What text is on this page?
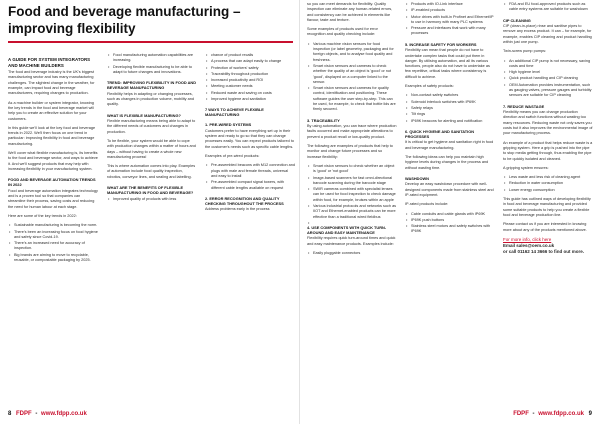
Food and beverage manufacturing – improving flexibility
A GUIDE FOR SYSTEM INTEGRATORS AND MACHINE BUILDERS

The food and beverage industry is the UK's biggest manufacturing sector and has many manufacturing challenges. The slightest change in the weather, for example, can impact food and beverage manufacturers, requiring changes to production.

As a machine builder or system integrator, knowing the key trends in the food and beverage market will help you to create an effective solution for your customers.

In this guide we'll look at the key food and beverage trends in 2022. We'll then focus on one trend in particular: improving flexibility in food and beverage manufacturing.

We'll cover what flexible manufacturing is, its benefits to the food and beverage sector, and ways to achieve it. And we'll suggest products that may help with increasing flexibility in your manufacturing system.

FOOD AND BEVERAGE AUTOMATION TRENDS IN 2022

Food and beverage automation integrates technology and is a proven tool so that companies can streamline their process, saving costs and reducing the need for human labour at each stage.

Here are some of the key trends in 2022:

• Sustainable manufacturing is becoming the norm.
• There's been an increasing focus on food hygiene and safety since Covid-19.
• There's an increased need for accuracy of inspection.
• Big brands are aiming to move to recyclable, reusable, or compostable packaging by 2025.
• Food manufacturing automation capabilities are increasing.
• Developing flexible manufacturing to be able to adapt to future changes and innovations.
TREND: IMPROVING FLEXIBILITY IN FOOD AND BEVERAGE MANUFACTURING

Flexibility helps in adapting or changing processes, such as changes in production volume, mobility and quality.

WHAT IS FLEXIBLE MANUFACTURING?

Flexible manufacturing means being able to adapt to the different needs of customers and changes in production.

To be flexible, your system would be able to cope with production changes within a matter of hours and days – without having to create a whole new manufacturing process!

This is where automation comes into play. Examples of automation include food quality inspection, robotics, conveyor lines, and sealing and labelling.

WHAT ARE THE BENEFITS OF FLEXIBLE MANUFACTURING IN FOOD AND BEVERAGE?
• Improved quality of products with less
• chance of product recalls
• A process that can adapt easily to change
• Protection of workers' safety
• Traceability throughout production
• Increased productivity and ROI
• Meeting customer needs
• Reduced waste and saving on costs
• Improved hygiene and sanitation
7 WAYS TO ACHIEVE FLEXIBLE MANUFACTURING
1. PRE-WIRED SYSTEMS

Customers prefer to have everything set up in their system and ready to go so that they can change processes easily. You can expect products tailored to the customer's needs such as specific cable lengths.

Examples of pre-wired products:

• Pre-assembled beacons with M12 connection and plugs with male and female threads, universal and easy to install
• Pre-assembled compact signal towers, with different cable lengths available on request
2. ERROR RECOGNITION AND QUALITY CHECKING THROUGHOUT THE PROCESS

Address problems early in the process

so you can meet demands for flexibility. Quality inspection can eliminate any human-related errors, and consistency can be achieved in elements like flavour, taste and texture.

Some examples of products used for error recognition and quality checking include:

• Various machine vision sensors for food inspection (or label geometry, packaging and for foreign objects, and to analyse food quality and freshness.
• Smart vision sensors and cameras to check whether the quality of an object is 'good' or not 'good', displayed on a computer linked to the sensor.
• Smart vision sensors and cameras for quality control, identification and positioning. These software guides the user step-by-step. This can be used, for example, to check that bottle lids are firmly secured.
3. TRACEABILITY

By using automation, you can trace where production faults occurred and make appropriate alterations to prevent a product recall or low-quality product.

The following are examples of products that help to monitor and change future processes and so increase flexibility:

• Smart vision sensors to check whether an object is 'good' or 'not good'
• Image-based scanners for fast omni-directional barcode scanning during the barcode stage
• SWIR cameras combined with specialist lenses can be used for food inspection to check damage within food, for example, bruises within an apple
• Various industrial protocols and networks such as IIOT and Ethernet-enabled products can be more effective than a traditional wired fieldbus
4. USE COMPONENTS WITH QUICK TURN-AROUND AND EASY MAINTENANCE

Flexibility requires quick turn-around times and quick and easy maintenance products. Examples include:

• Easily pluggable connectors
• Products with IO-Link interface
• IP-enabled products
• Motor drives with built-in Profinet and Ethernet/IP to use in harmony with many PLC systems
• Pressure and interfaces that work with many processes
5. INCREASE SAFETY FOR WORKERS

Flexibility can mean that people do not have to undertake complex tasks that could put them in danger. By utilising automation, and all its various functions, people also do not have to undertake as few repetitive, critical tasks where consistency is difficult to achieve.

Examples of safety products:

• Non-contact safety switches
• Solenoid interlock switches with IP69K
• Safety relays
• Tilt rings
• IP69K beacons for alerting and notification
6. QUICK HYGIENE AND SANITATION PROCESSES

It is critical to get hygiene and sanitation right in food and beverage manufacturing.

The following ideas can help you maintain high hygiene levels during changes in the process and without wasting time.

WASHDOWN

Develop an easy washdown procedure with well-designed components made from stainless steel and IP-rated equipment.

IP-rated products include:

• Cable conduits and cable glands with IP69K
• IP69K push buttons
• Stainless steel motors and safety switches with IP69K
• FDA and EU food-approved products such as cable entry systems are suitable for washdown
CIP CLEANING

CIP (clean-in-place) rinse and sanitise pipes to remove any excess product. It can – for example, for example, enables CIP cleaning and product handling within just one pump.

Twin-screw pump pumps:

• An additional CIP pump is not necessary, saving costs and time
• High hygiene level
• Quick product handling and CIP cleaning
• OEM Automation provides instrumentation, such as gauging valves, pressure gauges and turbidity sensors are suitable for CIP cleaning
7. REDUCE WASTAGE

Flexibility means you can change production direction and switch functions without wasting too many resources. Reducing waste not only saves you costs but it also improves the environmental image of your manufacturing process.

An example of a product that helps reduce waste is a gripping system. Here a grip is pushed into the pipe to stop media getting through, thus enabling the pipe to be quickly isolated and cleaned.

A gripping system ensures:

• Less waste and less risk of cleaning agent
• Reduction in water consumption
• Lower energy consumption

This guide has outlined ways of developing flexibility in food and beverage manufacturing and provided some suitable products to help you create a flexible food and beverage production line.

Please contact us if you are interested in knowing more about any of the products mentioned above.

For more info, click here
Email sales@oem.co.uk
or call 01162 14 3666 to find out more.
8 FDPF - www.fdpp.co.uk	FDPF - www.fdpp.co.uk 9
